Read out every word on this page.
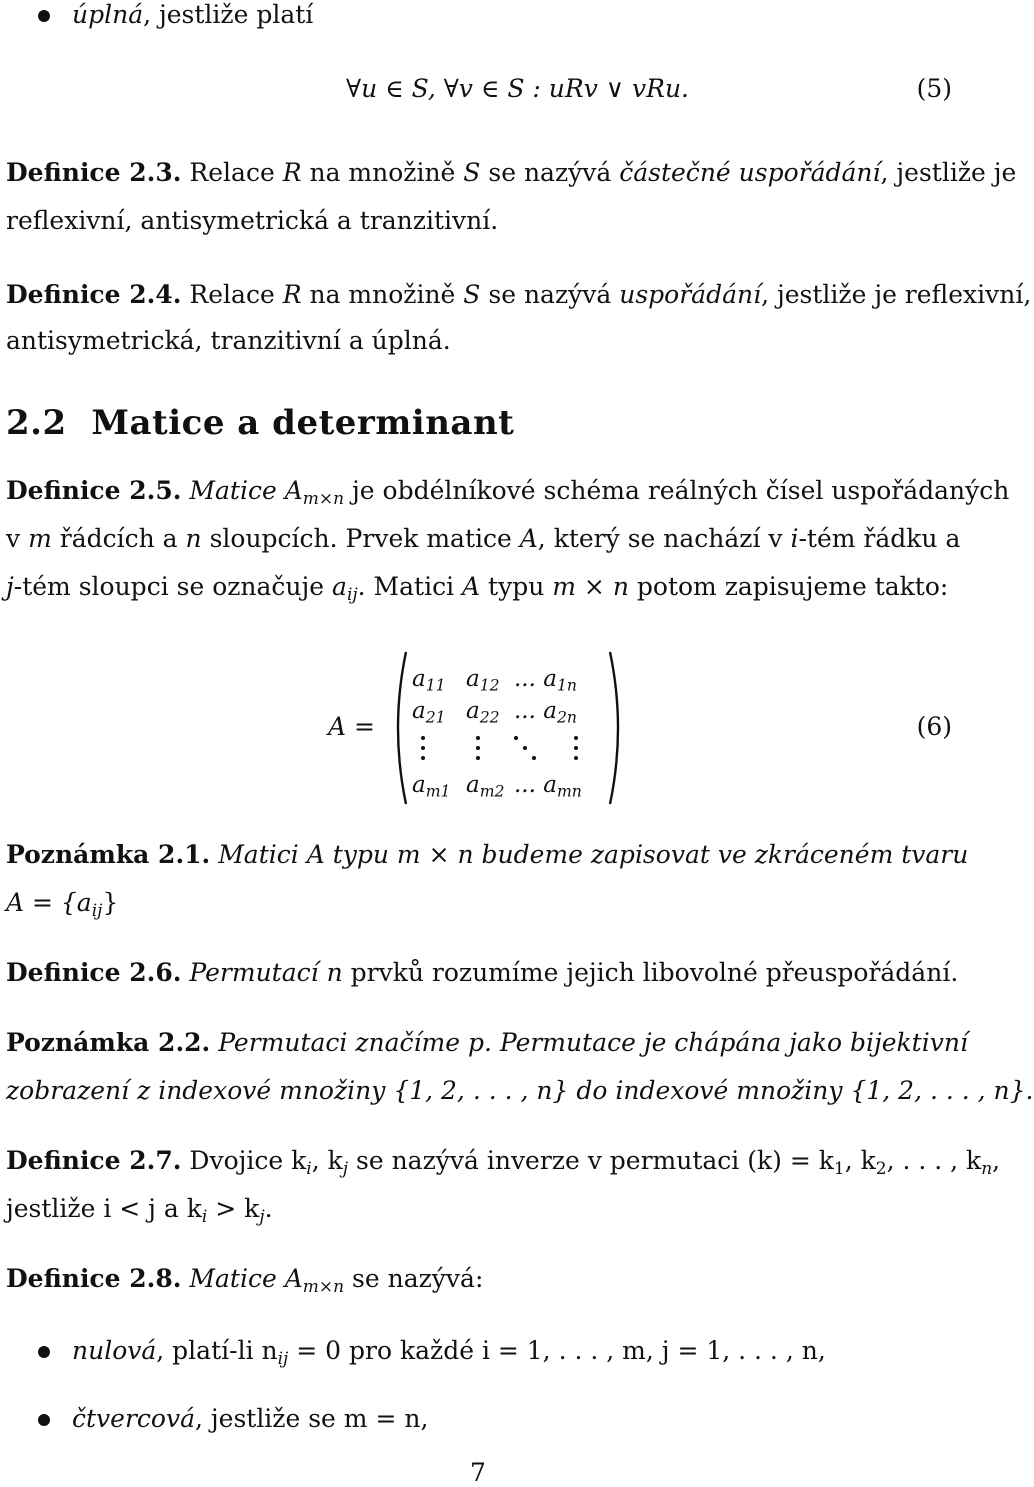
úplná, jestliže platí
∀u ∈ S, ∀v ∈ S : uRv ∨ vRu.	(5)
Definice 2.3. Relace R na množině S se nazývá částečné uspořádání, jestliže je
reflexivní, antisymetrická a tranzitivní.
Definice 2.4. Relace R na množině S se nazývá uspořádání, jestliže je reflexivní,
antisymetrická, tranzitivní a úplná.
2.2 Matice a determinant
Definice 2.5. Matice $A_{m\times n}$ je obdélníkové schéma reálných čísel uspořádaných
v m řádcích a n sloupcích. Prvek matice A, který se nachází v i-tém řádku a
j-tém sloupci se označuje $a_{ij}$. Matici A typu m × n potom zapisujeme takto:
A =
$a_{11}$ $a_{12}$ ... $a_{1n}$
$a_{21}$ $a_{22}$ ... $a_{2n}$
$a_{m1}$ $a_{m2}$ ... $a_{mn}$
(6)
Poznámka 2.1. Matici A typu m × n budeme zapisovat ve zkráceném tvaru
$A = \{a_{ij}\}$
Definice 2.6. Permutací n prvků rozumíme jejich libovolné přeuspořádání.
Poznámka 2.2. Permutaci značíme p. Permutace je chápána jako bijektivní
zobrazení z indexové množiny {1, 2, . . . , n} do indexové množiny {1, 2, . . . , n}.
Definice 2.7. Dvojice $k_i$, $k_j$ se nazývá inverze v permutaci $(k) = k_1$, $k_2$, . . . , $k_n$,
jestliže i < j a $k_i > k_j$.
Definice 2.8. Matice $A_{m\times n}$ se nazývá:
nulová, platí-li $n_{ij} = 0$ pro každé i = 1, . . . , m, j = 1, . . . , n,
čtvercová, jestliže se m = n,
7
